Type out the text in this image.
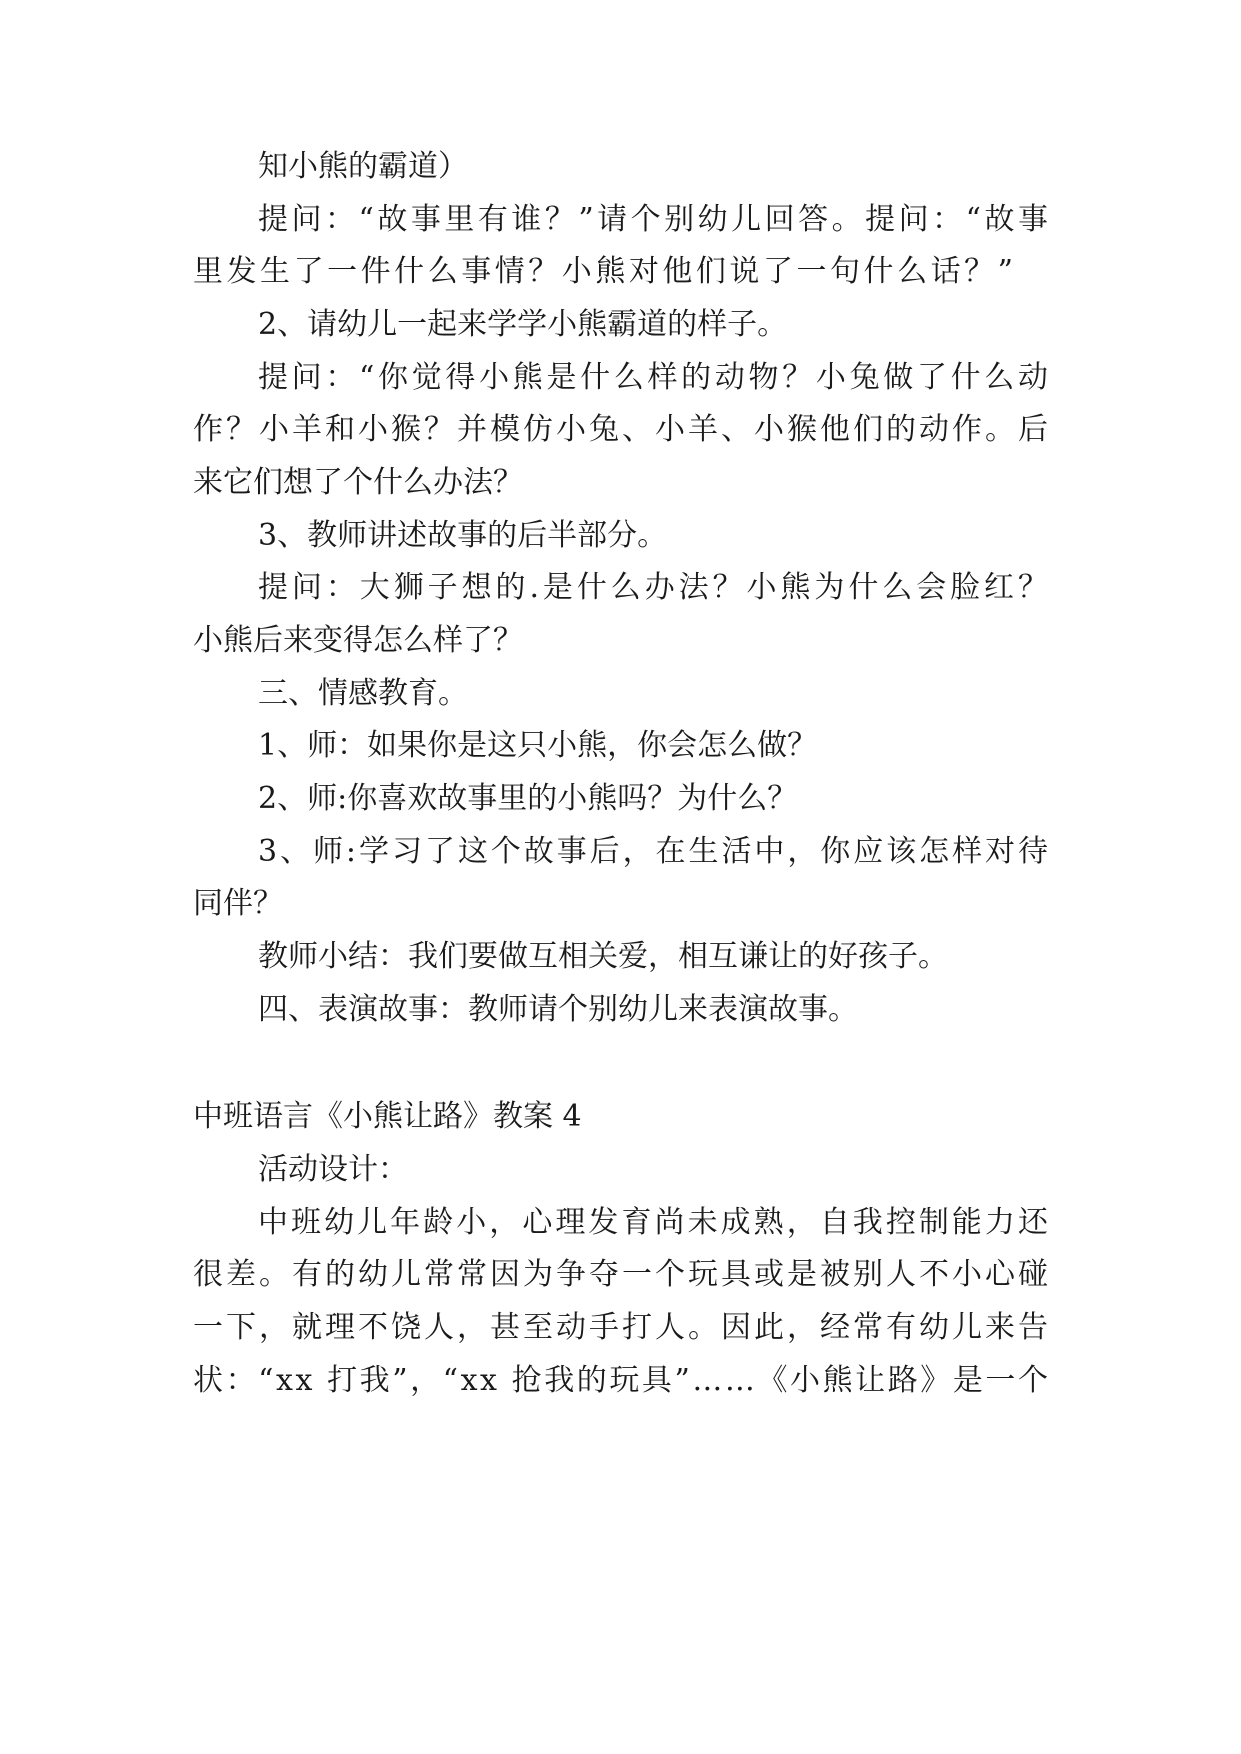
知小熊的霸道）
提问：“故事里有谁？”请个别幼儿回答。提问：“故事
里发生了一件什么事情？小熊对他们说了一句什么话？”
2、请幼儿一起来学学小熊霸道的样子。
提问：“你觉得小熊是什么样的动物？小兔做了什么动
作？小羊和小猴？并模仿小兔、小羊、小猴他们的动作。后
来它们想了个什么办法？
3、教师讲述故事的后半部分。
提问：大狮子想的.是什么办法？小熊为什么会脸红？
小熊后来变得怎么样了？
三、情感教育。
1、师：如果你是这只小熊，你会怎么做？
2、师:你喜欢故事里的小熊吗？为什么？
3、师:学习了这个故事后，在生活中，你应该怎样对待
同伴？
教师小结：我们要做互相关爱，相互谦让的好孩子。
四、表演故事：教师请个别幼儿来表演故事。
中班语言《小熊让路》教案 4
活动设计：
中班幼儿年龄小，心理发育尚未成熟，自我控制能力还
很差。有的幼儿常常因为争夺一个玩具或是被别人不小心碰
一下，就理不饶人，甚至动手打人。因此，经常有幼儿来告
状：“xx 打我”，“xx 抢我的玩具”……《小熊让路》是一个
